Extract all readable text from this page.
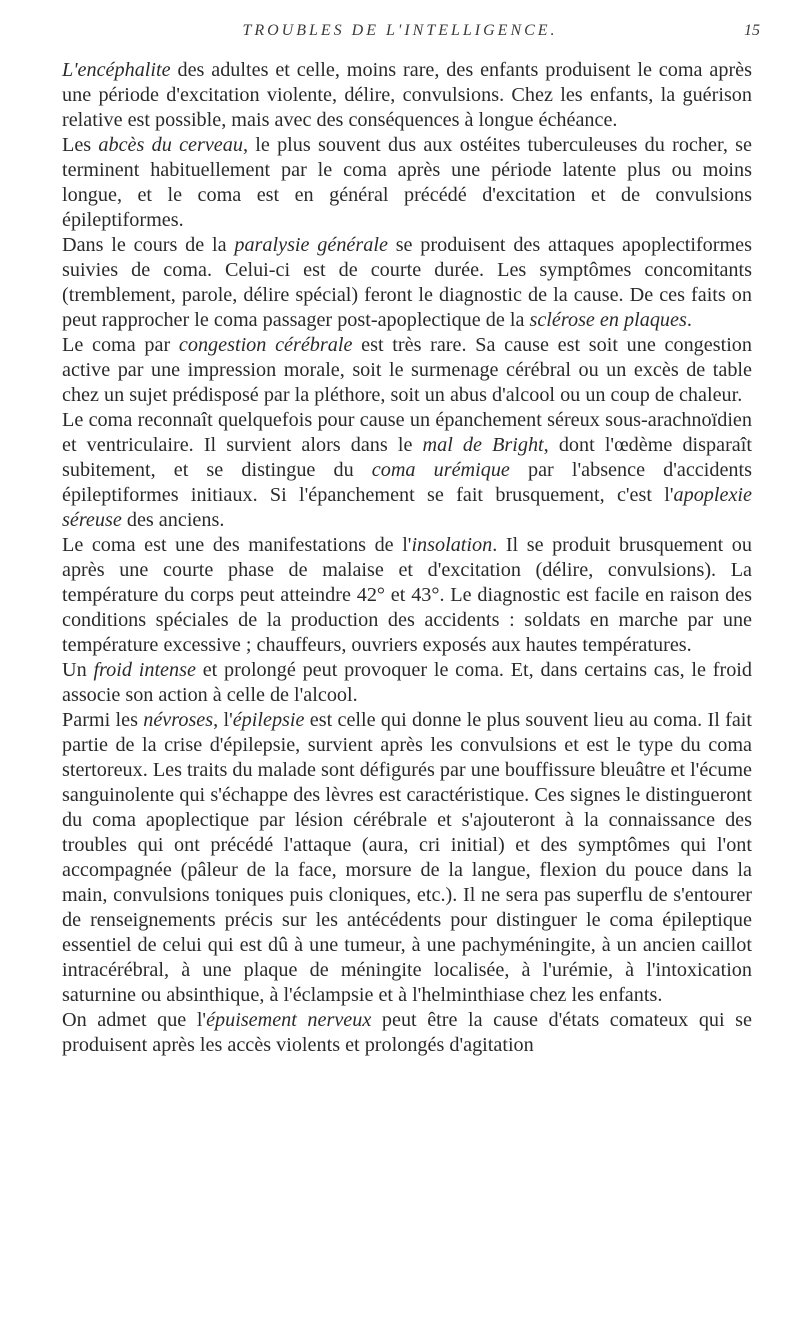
TROUBLES DE L'INTELLIGENCE.	15

L'encéphalite des adultes et celle, moins rare, des enfants produisent le coma après une période d'excitation violente, délire, convulsions. Chez les enfants, la guérison relative est possible, mais avec des conséquences à longue échéance.

Les abcès du cerveau, le plus souvent dus aux ostéites tuberculeuses du rocher, se terminent habituellement par le coma après une période latente plus ou moins longue, et le coma est en général précédé d'excitation et de convulsions épileptiformes.

Dans le cours de la paralysie générale se produisent des attaques apoplectiformes suivies de coma. Celui-ci est de courte durée. Les symptômes concomitants (tremblement, parole, délire spécial) feront le diagnostic de la cause. De ces faits on peut rapprocher le coma passager post-apoplectique de la sclérose en plaques.

Le coma par congestion cérébrale est très rare. Sa cause est soit une congestion active par une impression morale, soit le surmenage cérébral ou un excès de table chez un sujet prédisposé par la pléthore, soit un abus d'alcool ou un coup de chaleur.

Le coma reconnaît quelquefois pour cause un épanchement séreux sous-arachnoïdien et ventriculaire. Il survient alors dans le mal de Bright, dont l'œdème disparaît subitement, et se distingue du coma urémique par l'absence d'accidents épileptiformes initiaux. Si l'épanchement se fait brusquement, c'est l'apoplexie séreuse des anciens.

Le coma est une des manifestations de l'insolation. Il se produit brusquement ou après une courte phase de malaise et d'excitation (délire, convulsions). La température du corps peut atteindre 42° et 43°. Le diagnostic est facile en raison des conditions spéciales de la production des accidents : soldats en marche par une température excessive ; chauffeurs, ouvriers exposés aux hautes températures.

Un froid intense et prolongé peut provoquer le coma. Et, dans certains cas, le froid associe son action à celle de l'alcool.

Parmi les névroses, l'épilepsie est celle qui donne le plus souvent lieu au coma. Il fait partie de la crise d'épilepsie, survient après les convulsions et est le type du coma stertoreux. Les traits du malade sont défigurés par une bouffissure bleuâtre et l'écume sanguinolente qui s'échappe des lèvres est caractéristique. Ces signes le distingueront du coma apoplectique par lésion cérébrale et s'ajouteront à la connaissance des troubles qui ont précédé l'attaque (aura, cri initial) et des symptômes qui l'ont accompagnée (pâleur de la face, morsure de la langue, flexion du pouce dans la main, convulsions toniques puis cloniques, etc.). Il ne sera pas superflu de s'entourer de renseignements précis sur les antécédents pour distinguer le coma épileptique essentiel de celui qui est dû à une tumeur, à une pachyméningite, à un ancien caillot intracérébral, à une plaque de méningite localisée, à l'urémie, à l'intoxication saturnine ou absinthique, à l'éclampsie et à l'helminthiase chez les enfants.

On admet que l'épuisement nerveux peut être la cause d'états comateux qui se produisent après les accès violents et prolongés d'agitation
